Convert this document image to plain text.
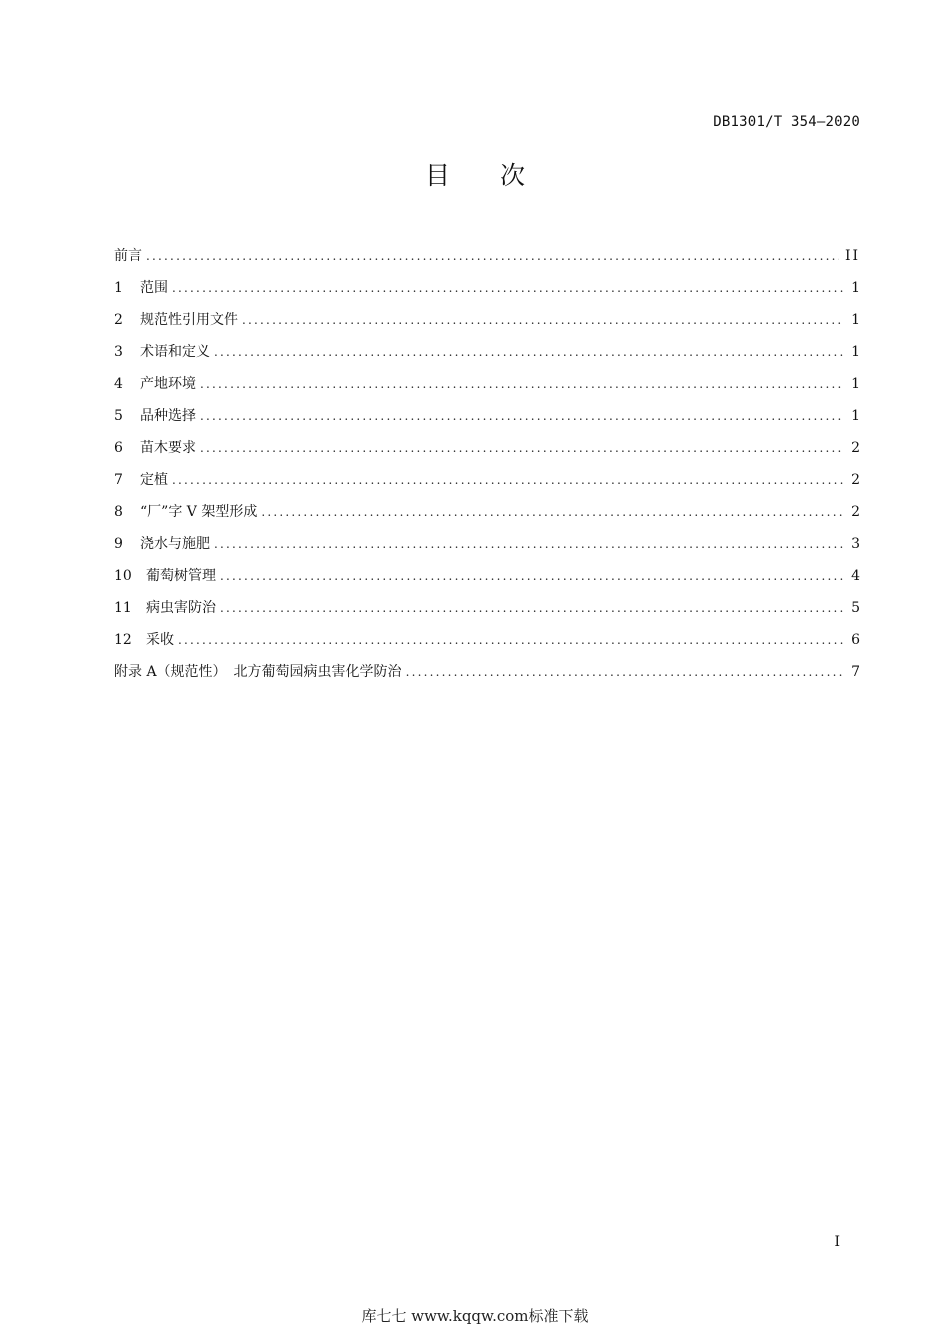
DB1301/T 354—2020
目 次
前言 .....	II
1	范围 .....	1
2	规范性引用文件 .....	1
3	术语和定义 .....	1
4	产地环境 .....	1
5	品种选择 .....	1
6	苗木要求 .....	2
7	定植 .....	2
8	“厂”字 V 架型形成 .....	2
9	浇水与施肥 .....	3
10	葡萄树管理 .....	4
11	病虫害防治 .....	5
12	采收 .....	6
附录 A（规范性）　北方葡萄园病虫害化学防治 .....	7
I
库七七 www.kqqw.com标准下载
